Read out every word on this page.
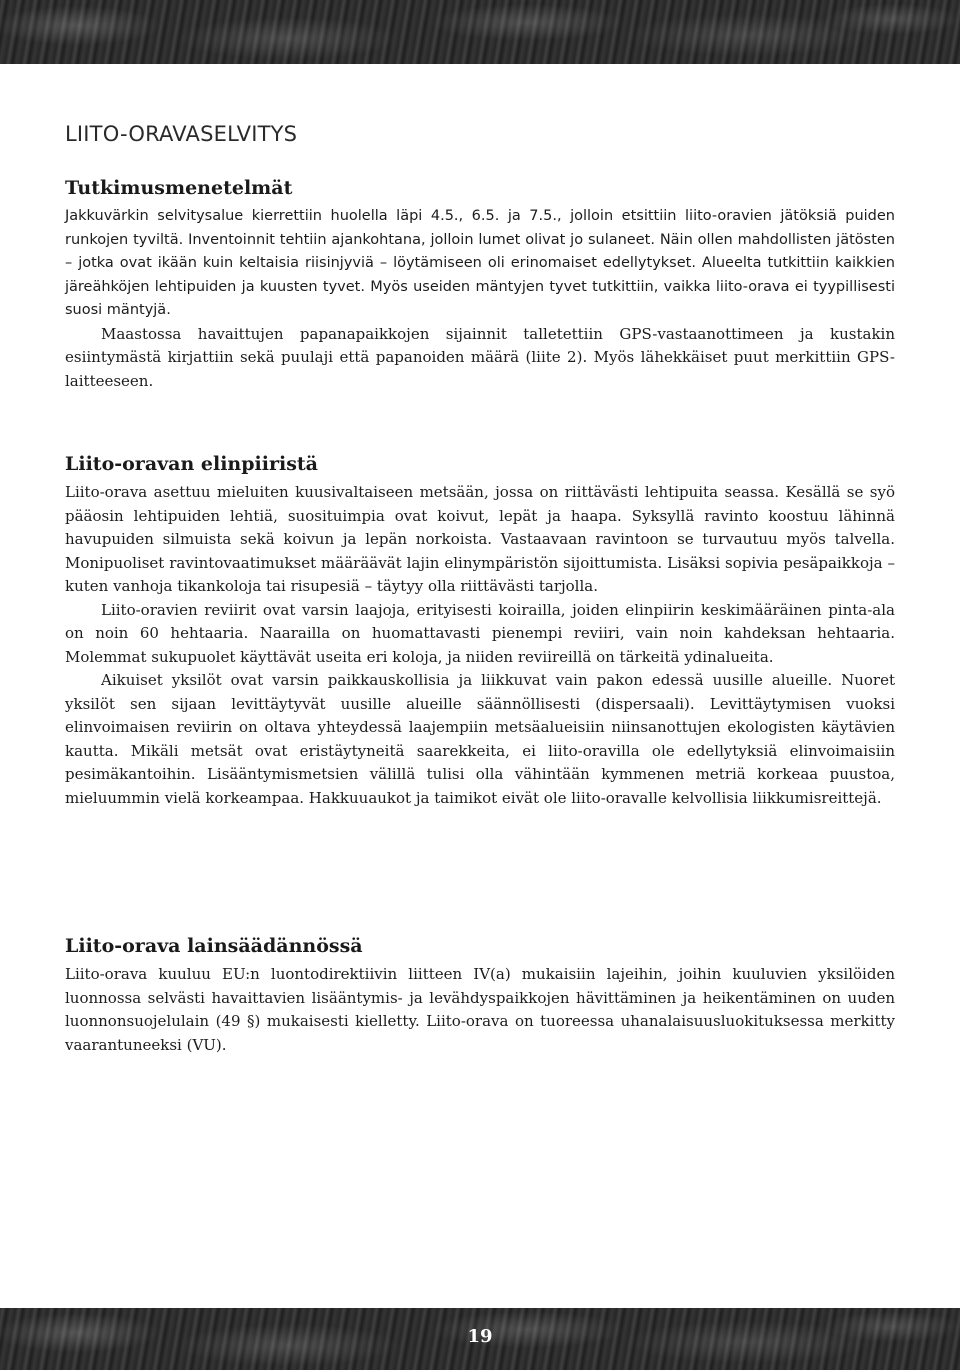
LIITO-ORAVASELVITYS
Tutkimusmenetelmät

Jakkuvärkin selvitysalue kierrettiin huolella läpi 4.5., 6.5. ja 7.5., jolloin etsittiin liito-oravien jätöksiä puiden runkojen tyviltä. Inventoinnit tehtiin ajankohtana, jolloin lumet olivat jo sulaneet. Näin ollen mahdollisten jätösten – jotka ovat ikään kuin keltaisia riisinjyviä – löytämiseen oli erinomaiset edellytykset. Alueelta tutkittiin kaikkien järeähköjen lehtipuiden ja kuusten tyvet. Myös useiden mäntyjen tyvet tutkittiin, vaikka liito-orava ei tyypillisesti suosi mäntyjä.

Maastossa havaittujen papanapaikkojen sijainnit talletettiin GPS-vastaanottimeen ja kustakin esiintymästä kirjattiin sekä puulaji että papanoiden määrä (liite 2). Myös lähekkäiset puut merkittiin GPS-laitteeseen.

Liito-oravan elinpiiristä

Liito-orava asettuu mieluiten kuusivaltaiseen metsään, jossa on riittävästi lehtipuita seassa. Kesällä se syö pääosin lehtipuiden lehtiä, suosituimpia ovat koivut, lepät ja haapa. Syksyllä ravinto koostuu lähinnä havupuiden silmuista sekä koivun ja lepän norkoista. Vastaavaan ravintoon se turvautuu myös talvella. Monipuoliset ravintovaatimukset määräävät lajin elinympäristön sijoittumista. Lisäksi sopivia pesäpaikkoja – kuten vanhoja tikankoloja tai risupesiä – täytyy olla riittävästi tarjolla.

Liito-oravien reviirit ovat varsin laajoja, erityisesti koirailla, joiden elinpiirin keskimääräinen pinta-ala on noin 60 hehtaaria. Naarailla on huomattavasti pienempi reviiri, vain noin kahdeksan hehtaaria. Molemmat sukupuolet käyttävät useita eri koloja, ja niiden reviireillä on tärkeitä ydinalueita.

Aikuiset yksilöt ovat varsin paikkauskollisia ja liikkuvat vain pakon edessä uusille alueille. Nuoret yksilöt sen sijaan levittäytyvät uusille alueille säännöllisesti (dispersaali). Levittäytymisen vuoksi elinvoimaisen reviirin on oltava yhteydessä laajempiin metsäalueisiin niinsanottujen ekologisten käytävien kautta. Mikäli metsät ovat eristäytyneitä saarekkeita, ei liito-oravilla ole edellytyksiä elinvoimaisiin pesimäkantoihin. Lisääntymismetsien välillä tulisi olla vähintään kymmenen metriä korkeaa puustoa, mieluummin vielä korkeampaa. Hakkuuaukot ja taimikot eivät ole liito-oravalle kelvollisia liikkumisreittejä.

Liito-orava lainsäädännössä

Liito-orava kuuluu EU:n luontodirektiivin liitteen IV(a) mukaisiin lajeihin, joihin kuuluvien yksilöiden luonnossa selvästi havaittavien lisääntymis- ja levähdyspaikkojen hävittäminen ja heikentäminen on uuden luonnonsuojelulain (49 §) mukaisesti kielletty. Liito-orava on tuoreessa uhanalaisuusluokituksessa merkitty vaarantuneeksi (VU).

19
